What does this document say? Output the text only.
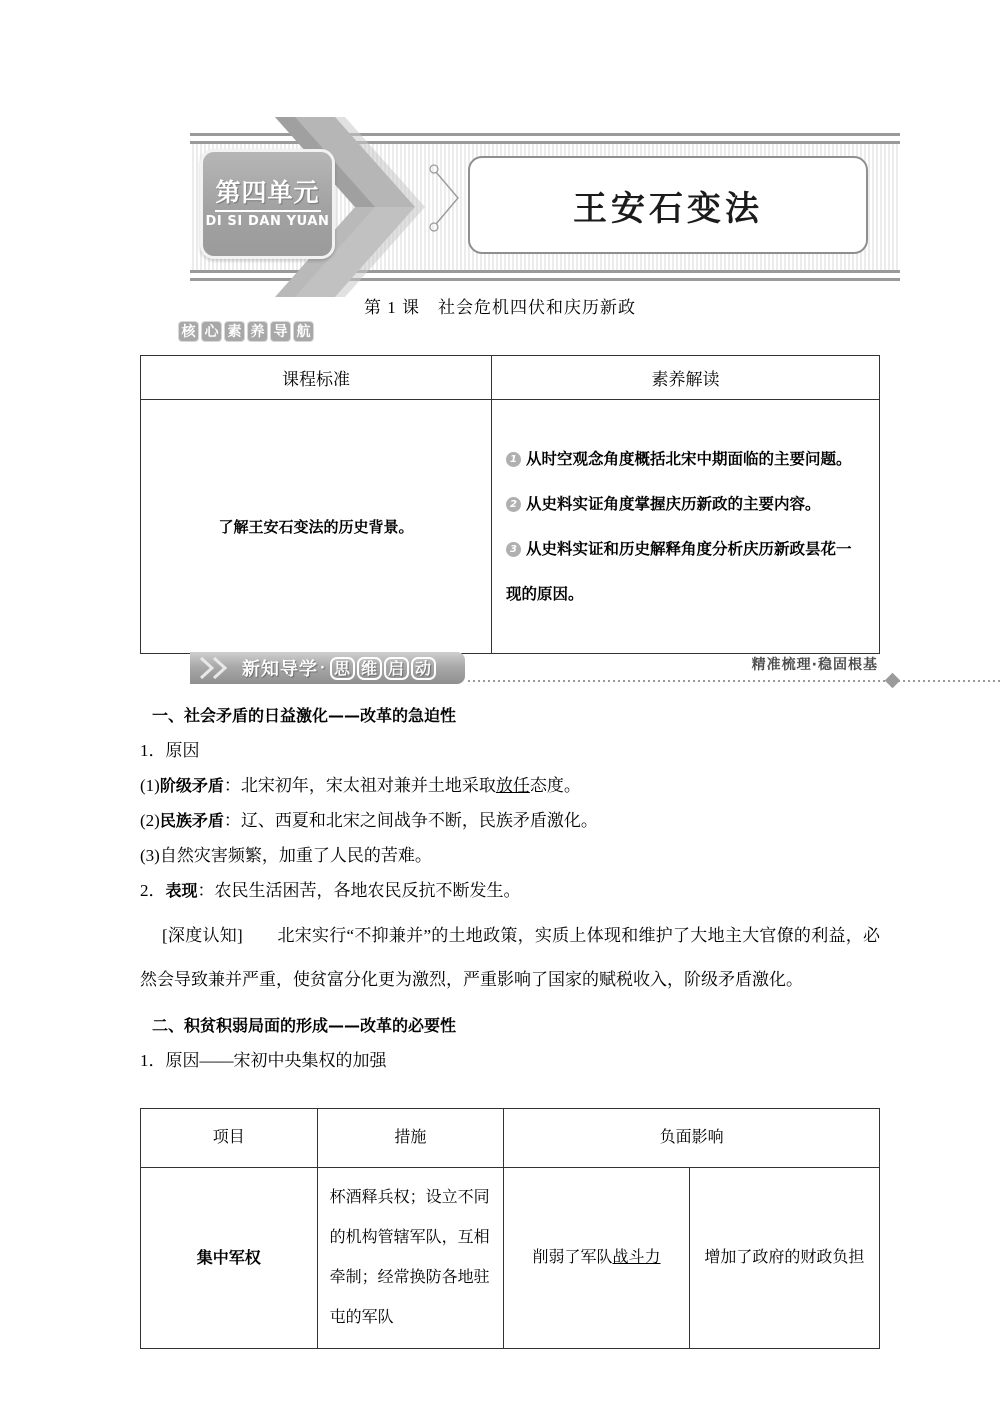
第四单元
DI SI DAN YUAN	王安石变法
第 1 课　社会危机四伏和庆历新政
核 心 素 养 导 航
课程标准	素养解读
了解王安石变法的历史背景。	1 从时空观念角度概括北宋中期面临的主要问题。
2 从史料实证角度掌握庆历新政的主要内容。
3 从史料实证和历史解释角度分析庆历新政昙花一现的原因。
新知导学 · 思 维 启 动	精准梳理·稳固根基
一、社会矛盾的日益激化——改革的急迫性
1．原因
(1)阶级矛盾：北宋初年，宋太祖对兼并土地采取放任态度。
(2)民族矛盾：辽、西夏和北宋之间战争不断，民族矛盾激化。
(3)自然灾害频繁，加重了人民的苦难。
2．表现：农民生活困苦，各地农民反抗不断发生。
[深度认知]　　 北宋实行“不抑兼并”的土地政策，实质上体现和维护了大地主大官僚的利益，必然会导致兼并严重，使贫富分化更为激烈，严重影响了国家的赋税收入，阶级矛盾激化。
二、积贫积弱局面的形成——改革的必要性
1．原因——宋初中央集权的加强
项目	措施	负面影响	
集中军权	杯酒释兵权；设立不同的机构管辖军队，互相牵制；经常换防各地驻屯的军队	削弱了军队战斗力	增加了政府的财政负担
